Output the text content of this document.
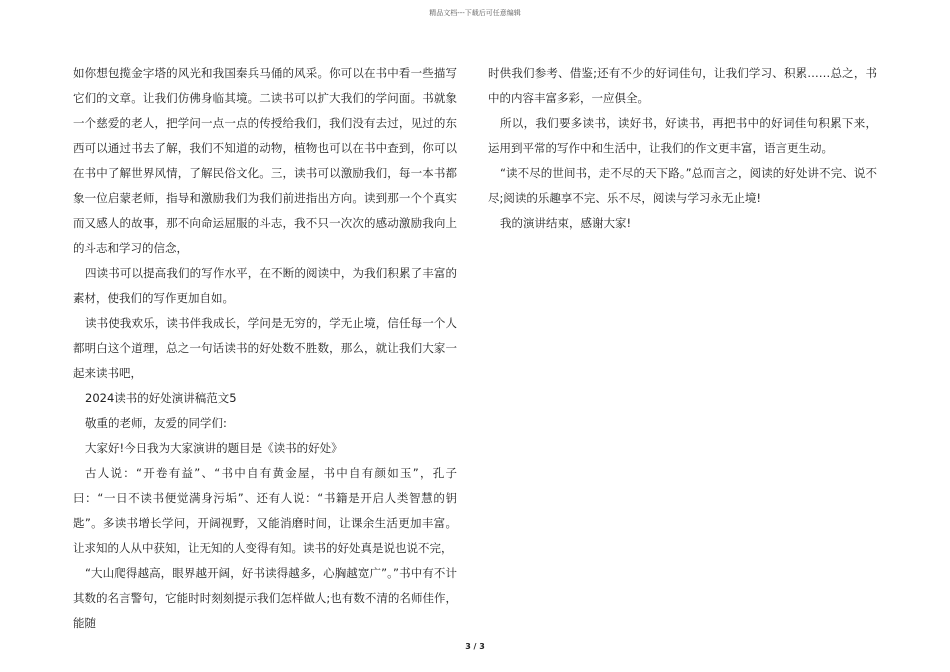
精品文档---下载后可任意编辑

如你想包揽金字塔的风光和我国秦兵马俑的风采。你可以在书中看一些描写它们的文章。让我们仿佛身临其境。二读书可以扩大我们的学问面。书就象一个慈爱的老人，把学问一点一点的传授给我们，我们没有去过，见过的东西可以通过书去了解，我们不知道的动物，植物也可以在书中查到，你可以在书中了解世界风情，了解民俗文化。三，读书可以激励我们，每一本书都象一位启蒙老师，指导和激励我们为我们前进指出方向。读到那一个个真实而又感人的故事，那不向命运屈服的斗志，我不只一次次的感动激励我向上的斗志和学习的信念，

四读书可以提高我们的写作水平，在不断的阅读中，为我们积累了丰富的素材，使我们的写作更加自如。

读书使我欢乐，读书伴我成长，学问是无穷的，学无止境，信任每一个人都明白这个道理，总之一句话读书的好处数不胜数，那么，就让我们大家一起来读书吧，

2024读书的好处演讲稿范文5

敬重的老师，友爱的同学们:

大家好!今日我为大家演讲的题目是《读书的好处》

古人说：“开卷有益”、“书中自有黄金屋，书中自有颜如玉”，孔子曰：“一日不读书便觉满身污垢”、还有人说：“书籍是开启人类智慧的钥匙”。多读书增长学问，开阔视野，又能消磨时间，让课余生活更加丰富。让求知的人从中获知，让无知的人变得有知。读书的好处真是说也说不完，

“大山爬得越高，眼界越开阔，好书读得越多，心胸越宽广”。”书中有不计其数的名言警句，它能时时刻刻提示我们怎样做人;也有数不清的名师佳作，能随

时供我们参考、借鉴;还有不少的好词佳句，让我们学习、积累……总之，书中的内容丰富多彩，一应俱全。

所以，我们要多读书，读好书，好读书，再把书中的好词佳句积累下来，运用到平常的写作中和生活中，让我们的作文更丰富，语言更生动。

“读不尽的世间书，走不尽的天下路。”总而言之，阅读的好处讲不完、说不尽;阅读的乐趣享不完、乐不尽，阅读与学习永无止境!

我的演讲结束，感谢大家!

3 / 3
